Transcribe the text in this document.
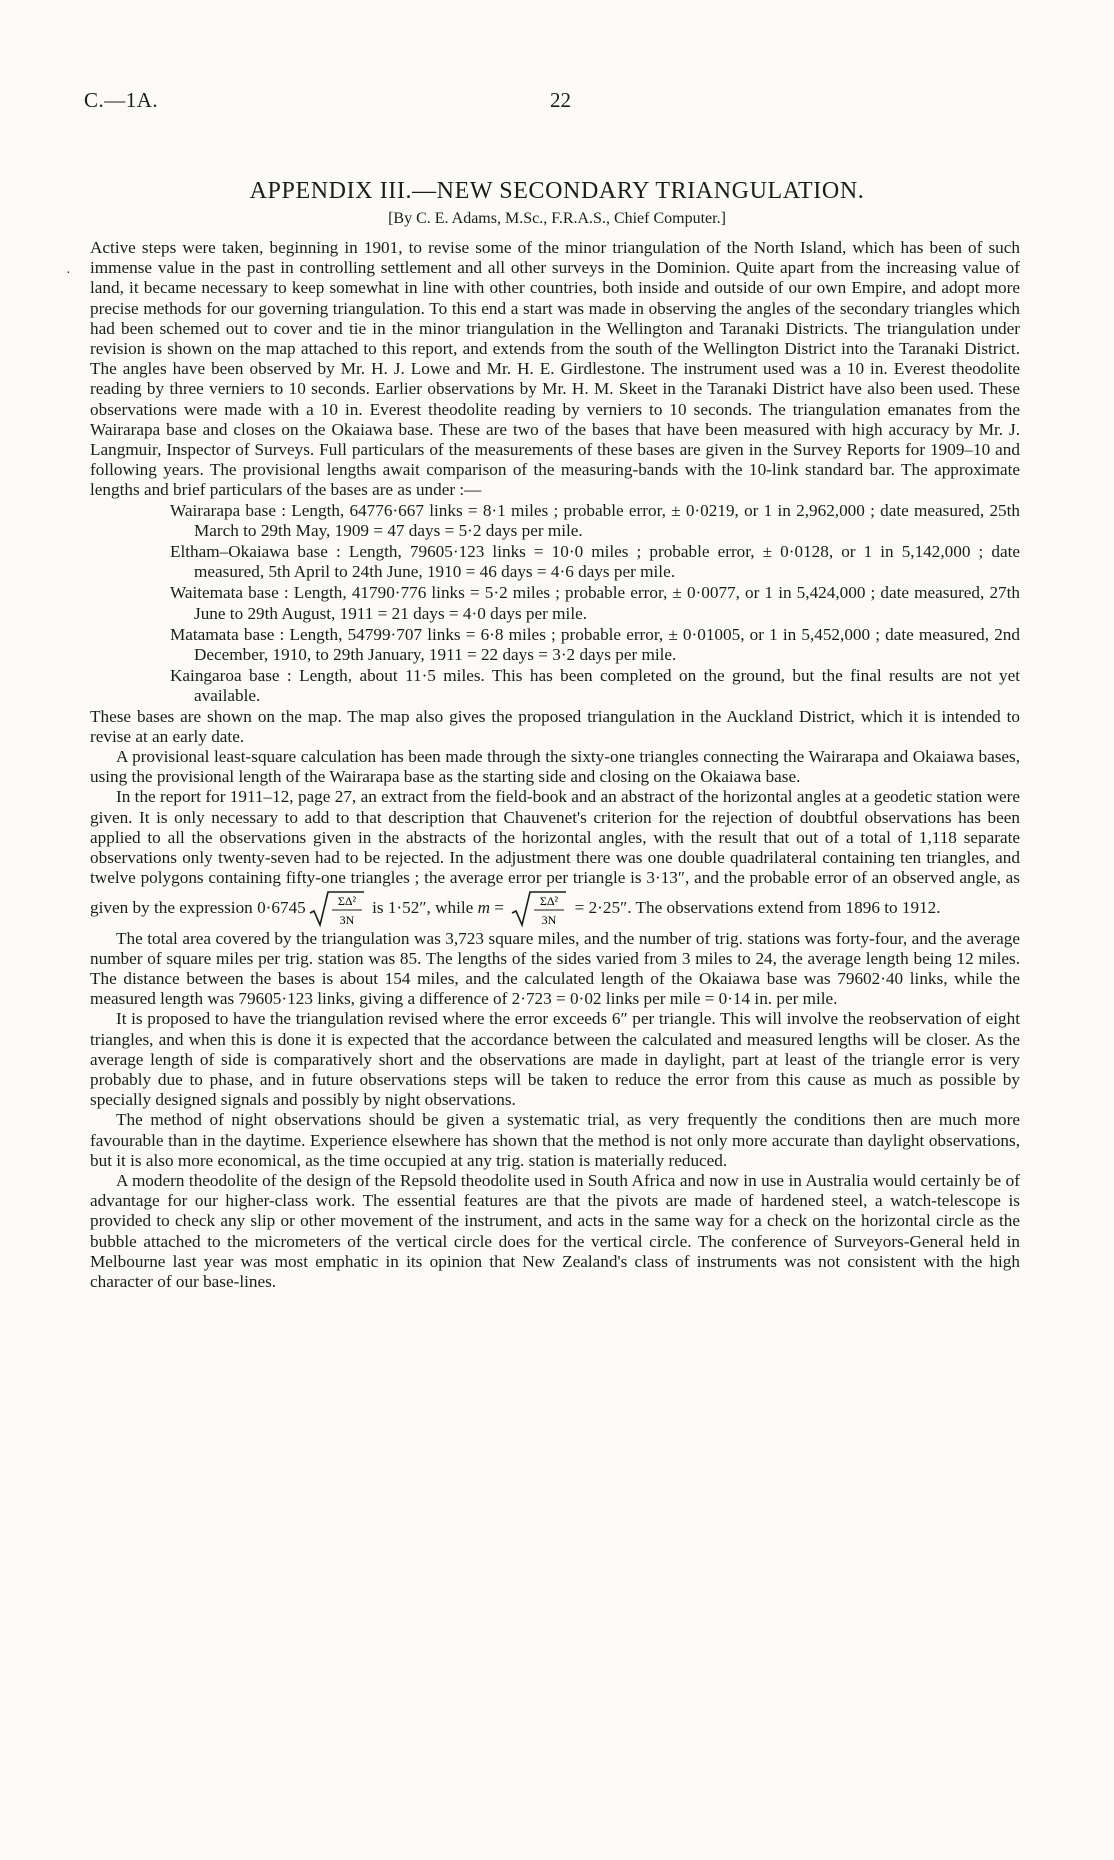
C.—1A.	22
APPENDIX III.—NEW SECONDARY TRIANGULATION.
[By C. E. Adams, M.Sc., F.R.A.S., Chief Computer.]
·

Active steps were taken, beginning in 1901, to revise some of the minor triangulation of the North Island, which has been of such immense value in the past in controlling settlement and all other surveys in the Dominion. Quite apart from the increasing value of land, it became necessary to keep somewhat in line with other countries, both inside and outside of our own Empire, and adopt more precise methods for our governing triangulation. To this end a start was made in observing the angles of the secondary triangles which had been schemed out to cover and tie in the minor triangulation in the Wellington and Taranaki Districts. The triangulation under revision is shown on the map attached to this report, and extends from the south of the Wellington District into the Taranaki District. The angles have been observed by Mr. H. J. Lowe and Mr. H. E. Girdlestone. The instrument used was a 10 in. Everest theodolite reading by three verniers to 10 seconds. Earlier observations by Mr. H. M. Skeet in the Taranaki District have also been used. These observations were made with a 10 in. Everest theodolite reading by verniers to 10 seconds. The triangulation emanates from the Wairarapa base and closes on the Okaiawa base. These are two of the bases that have been measured with high accuracy by Mr. J. Langmuir, Inspector of Surveys. Full particulars of the measurements of these bases are given in the Survey Reports for 1909–10 and following years. The provisional lengths await comparison of the measuring-bands with the 10-link standard bar. The approximate lengths and brief particulars of the bases are as under :—

Wairarapa base : Length, 64776·667 links = 8·1 miles ; probable error, ± 0·0219, or 1 in 2,962,000 ; date measured, 25th March to 29th May, 1909 = 47 days = 5·2 days per mile.
Eltham–Okaiawa base : Length, 79605·123 links = 10·0 miles ; probable error, ± 0·0128, or 1 in 5,142,000 ; date measured, 5th April to 24th June, 1910 = 46 days = 4·6 days per mile.
Waitemata base : Length, 41790·776 links = 5·2 miles ; probable error, ± 0·0077, or 1 in 5,424,000 ; date measured, 27th June to 29th August, 1911 = 21 days = 4·0 days per mile.
Matamata base : Length, 54799·707 links = 6·8 miles ; probable error, ± 0·01005, or 1 in 5,452,000 ; date measured, 2nd December, 1910, to 29th January, 1911 = 22 days = 3·2 days per mile.
Kaingaroa base : Length, about 11·5 miles. This has been completed on the ground, but the final results are not yet available.

These bases are shown on the map. The map also gives the proposed triangulation in the Auckland District, which it is intended to revise at an early date.

A provisional least-square calculation has been made through the sixty-one triangles connecting the Wairarapa and Okaiawa bases, using the provisional length of the Wairarapa base as the starting side and closing on the Okaiawa base.

In the report for 1911–12, page 27, an extract from the field-book and an abstract of the horizontal angles at a geodetic station were given. It is only necessary to add to that description that Chauvenet's criterion for the rejection of doubtful observations has been applied to all the observations given in the abstracts of the horizontal angles, with the result that out of a total of 1,118 separate observations only twenty-seven had to be rejected. In the adjustment there was one double quadrilateral containing ten triangles, and twelve polygons containing fifty-one triangles ; the average error per triangle is 3·13″, and the probable error of an observed angle, as given by the expression 0·6745	ΣΔ²
3N
is 1·52″, while m =	ΣΔ²
3N
= 2·25″. The observations extend from 1896 to 1912.

The total area covered by the triangulation was 3,723 square miles, and the number of trig. stations was forty-four, and the average number of square miles per trig. station was 85. The lengths of the sides varied from 3 miles to 24, the average length being 12 miles. The distance between the bases is about 154 miles, and the calculated length of the Okaiawa base was 79602·40 links, while the measured length was 79605·123 links, giving a difference of 2·723 = 0·02 links per mile = 0·14 in. per mile.

It is proposed to have the triangulation revised where the error exceeds 6″ per triangle. This will involve the reobservation of eight triangles, and when this is done it is expected that the accordance between the calculated and measured lengths will be closer. As the average length of side is comparatively short and the observations are made in daylight, part at least of the triangle error is very probably due to phase, and in future observations steps will be taken to reduce the error from this cause as much as possible by specially designed signals and possibly by night observations.

The method of night observations should be given a systematic trial, as very frequently the conditions then are much more favourable than in the daytime. Experience elsewhere has shown that the method is not only more accurate than daylight observations, but it is also more economical, as the time occupied at any trig. station is materially reduced.

A modern theodolite of the design of the Repsold theodolite used in South Africa and now in use in Australia would certainly be of advantage for our higher-class work. The essential features are that the pivots are made of hardened steel, a watch-telescope is provided to check any slip or other movement of the instrument, and acts in the same way for a check on the horizontal circle as the bubble attached to the micrometers of the vertical circle does for the vertical circle. The conference of Surveyors-General held in Melbourne last year was most emphatic in its opinion that New Zealand's class of instruments was not consistent with the high character of our base-lines.
